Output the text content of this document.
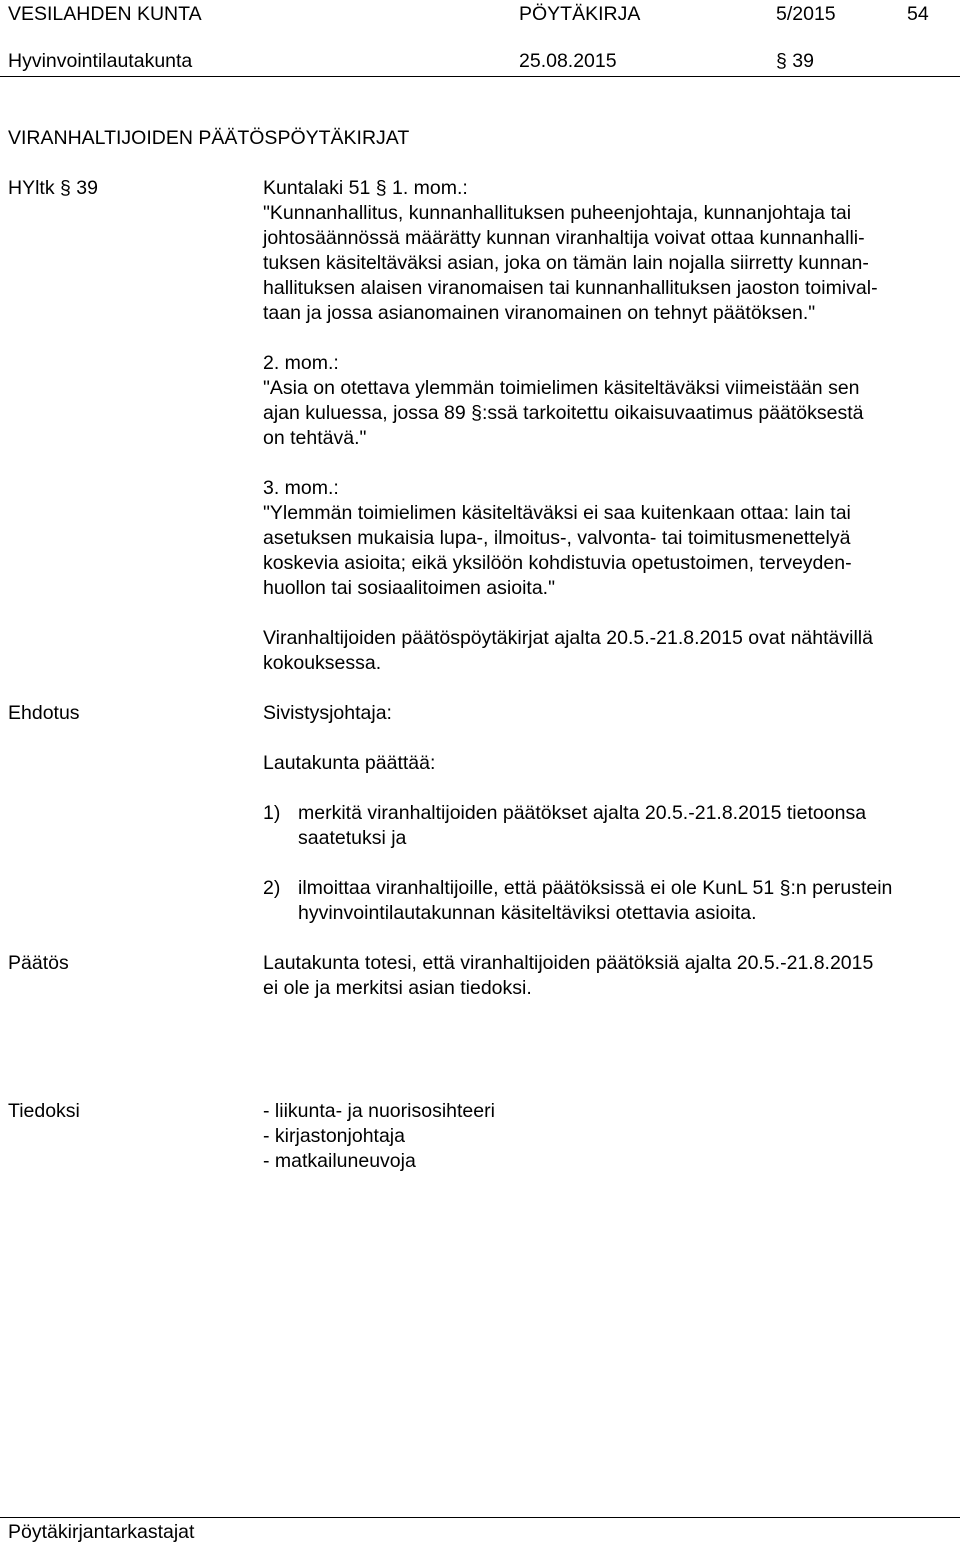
VESILAHDEN KUNTA	PÖYTÄKIRJA	5/2015	54
Hyvinvointilautakunta	25.08.2015	§ 39
VIRANHALTIJOIDEN PÄÄTÖSPÖYTÄKIRJAT
HYltk § 39	Kuntalaki 51 § 1. mom.:
"Kunnanhallitus, kunnanhallituksen puheenjohtaja, kunnanjohtaja tai
johtosäännössä määrätty kunnan viranhaltija voivat ottaa kunnanhalli-
tuksen käsiteltäväksi asian, joka on tämän lain nojalla siirretty kunnan-
hallituksen alaisen viranomaisen tai kunnanhallituksen jaoston toimival-
taan ja jossa asianomainen viranomainen on tehnyt päätöksen."
2. mom.:
"Asia on otettava ylemmän toimielimen käsiteltäväksi viimeistään sen
ajan kuluessa, jossa 89 §:ssä tarkoitettu oikaisuvaatimus päätöksestä
on tehtävä."
3. mom.:
"Ylemmän toimielimen käsiteltäväksi ei saa kuitenkaan ottaa: lain tai
asetuksen mukaisia lupa-, ilmoitus-, valvonta- tai toimitusmenettelyä
koskevia asioita; eikä yksilöön kohdistuvia opetustoimen, terveyden-
huollon tai sosiaalitoimen asioita."
Viranhaltijoiden päätöspöytäkirjat ajalta 20.5.-21.8.2015 ovat nähtävillä
kokouksessa.
Ehdotus	Sivistysjohtaja:
Lautakunta päättää:
1) merkitä viranhaltijoiden päätökset ajalta 20.5.-21.8.2015 tietoonsa
saatetuksi ja
2) ilmoittaa viranhaltijoille, että päätöksissä ei ole KunL 51 §:n perustein
hyvinvointilautakunnan käsiteltäviksi otettavia asioita.
Päätös	Lautakunta totesi, että viranhaltijoiden päätöksiä ajalta 20.5.-21.8.2015
ei ole ja merkitsi asian tiedoksi.
Tiedoksi	- liikunta- ja nuorisosihteeri
- kirjastonjohtaja
- matkailuneuvoja
Pöytäkirjantarkastajat
